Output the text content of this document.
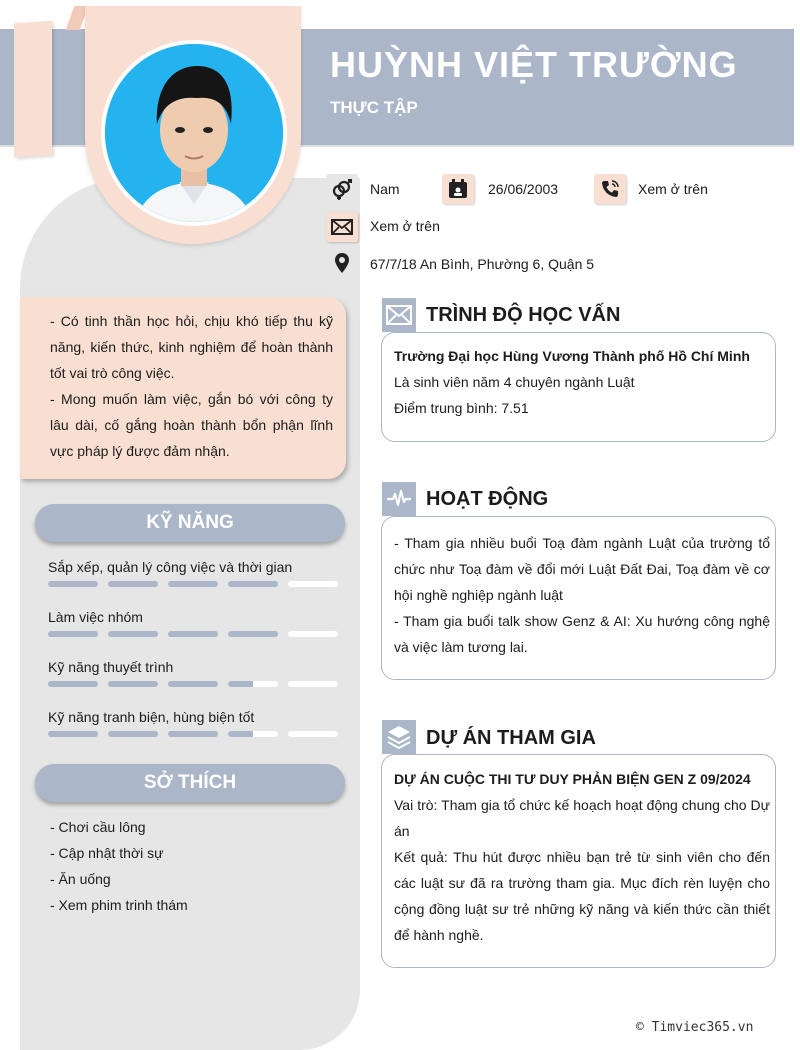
HUỲNH VIỆT TRƯỜNG
THỰC TẬP
Nam	26/06/2003	Xem ở trên
Xem ở trên
67/7/18 An Bình, Phường 6, Quận 5

- Có tinh thần học hỏi, chịu khó tiếp thu kỹ năng, kiến thức, kinh nghiệm để hoàn thành tốt vai trò công việc.

- Mong muốn làm việc, gắn bó với công ty lâu dài, cố gắng hoàn thành bổn phận lĩnh vực pháp lý được đảm nhận.

KỸ NĂNG
Sắp xếp, quản lý công việc và thời gian
Làm việc nhóm
Kỹ năng thuyết trình
Kỹ năng tranh biện, hùng biện tốt
SỞ THÍCH
- Chơi cầu lông
- Cập nhật thời sự
- Ăn uống
- Xem phim trinh thám
TRÌNH ĐỘ HỌC VẤN
Trường Đại học Hùng Vương Thành phố Hồ Chí Minh
Là sinh viên năm 4 chuyên ngành Luật
Điểm trung bình: 7.51
HOẠT ĐỘNG
- Tham gia nhiều buổi Toạ đàm ngành Luật của trường tổ chức như Toạ đàm về đổi mới Luật Đất Đai, Toạ đàm về cơ hội nghề nghiệp ngành luật
- Tham gia buổi talk show Genz & AI: Xu hướng công nghệ và việc làm tương lai.
DỰ ÁN THAM GIA
DỰ ÁN CUỘC THI TƯ DUY PHẢN BIỆN GEN Z 09/2024
Vai trò: Tham gia tổ chức kế hoạch hoạt động chung cho Dự án
Kết quả: Thu hút được nhiều bạn trẻ từ sinh viên cho đến các luật sư đã ra trường tham gia. Mục đích rèn luyện cho cộng đồng luật sư trẻ những kỹ năng và kiến thức cần thiết để hành nghề.
© Timviec365.vn
